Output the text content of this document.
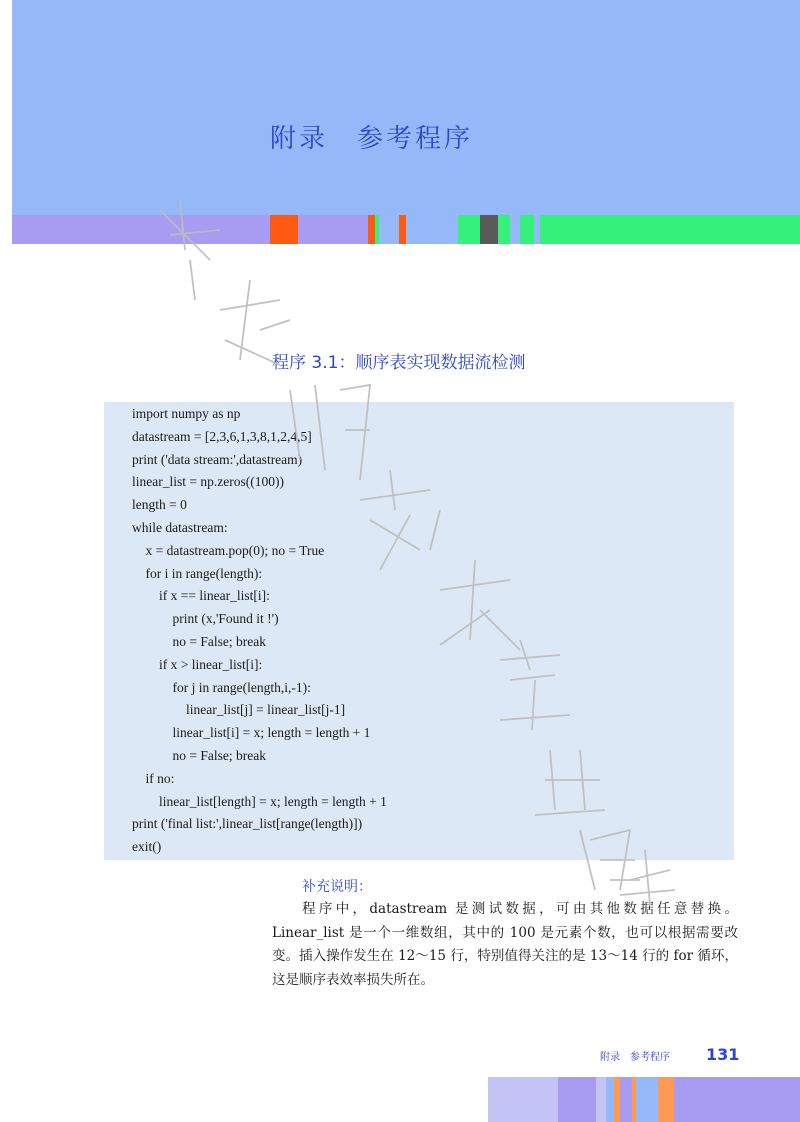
附录　参考程序
程序 3.1：顺序表实现数据流检测
import numpy as np
datastream = [2,3,6,1,3,8,1,2,4,5]
print ('data stream:',datastream)
linear_list = np.zeros((100))
length = 0
while datastream:
x = datastream.pop(0); no = True
for i in range(length):
if x == linear_list[i]:
print (x,'Found it !')
no = False; break
if x > linear_list[i]:
for j in range(length,i,-1):
linear_list[j] = linear_list[j-1]
linear_list[i] = x; length = length + 1
no = False; break
if no:
linear_list[length] = x; length = length + 1
print ('final list:',linear_list[range(length)])
exit()
补充说明：
程序中，datastream 是测试数据，可由其他数据任意替换。Linear_list 是一个一维数组，其中的 100 是元素个数，也可以根据需要改变。插入操作发生在 12～15 行，特别值得关注的是 13～14 行的 for 循环，这是顺序表效率损失所在。
附录　参考程序 131
